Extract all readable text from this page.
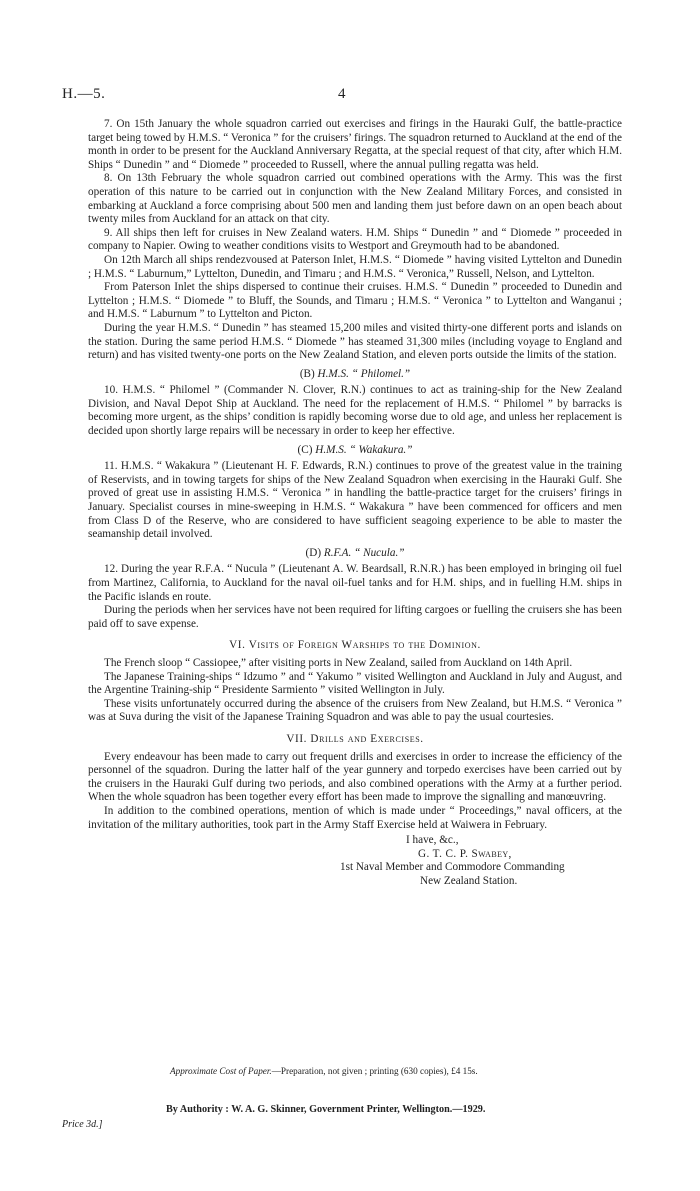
H.—5.	4

7. On 15th January the whole squadron carried out exercises and firings in the Hauraki Gulf, the battle-practice target being towed by H.M.S. “ Veronica ” for the cruisers’ firings. The squadron returned to Auckland at the end of the month in order to be present for the Auckland Anniversary Regatta, at the special request of that city, after which H.M. Ships “ Dunedin ” and “ Diomede ” proceeded to Russell, where the annual pulling regatta was held.

8. On 13th February the whole squadron carried out combined operations with the Army. This was the first operation of this nature to be carried out in conjunction with the New Zealand Military Forces, and consisted in embarking at Auckland a force comprising about 500 men and landing them just before dawn on an open beach about twenty miles from Auckland for an attack on that city.

9. All ships then left for cruises in New Zealand waters. H.M. Ships “ Dunedin ” and “ Diomede ” proceeded in company to Napier. Owing to weather conditions visits to Westport and Greymouth had to be abandoned.

On 12th March all ships rendezvoused at Paterson Inlet, H.M.S. “ Diomede ” having visited Lyttelton and Dunedin ; H.M.S. “ Laburnum,” Lyttelton, Dunedin, and Timaru ; and H.M.S. “ Veronica,” Russell, Nelson, and Lyttelton.

From Paterson Inlet the ships dispersed to continue their cruises. H.M.S. “ Dunedin ” proceeded to Dunedin and Lyttelton ; H.M.S. “ Diomede ” to Bluff, the Sounds, and Timaru ; H.M.S. “ Veronica ” to Lyttelton and Wanganui ; and H.M.S. “ Laburnum ” to Lyttelton and Picton.

During the year H.M.S. “ Dunedin ” has steamed 15,200 miles and visited thirty-one different ports and islands on the station. During the same period H.M.S. “ Diomede ” has steamed 31,300 miles (including voyage to England and return) and has visited twenty-one ports on the New Zealand Station, and eleven ports outside the limits of the station.

(B) H.M.S. “ Philomel.”

10. H.M.S. “ Philomel ” (Commander N. Clover, R.N.) continues to act as training-ship for the New Zealand Division, and Naval Depot Ship at Auckland. The need for the replacement of H.M.S. “ Philomel ” by barracks is becoming more urgent, as the ships’ condition is rapidly becoming worse due to old age, and unless her replacement is decided upon shortly large repairs will be necessary in order to keep her effective.

(C) H.M.S. “ Wakakura.”

11. H.M.S. “ Wakakura ” (Lieutenant H. F. Edwards, R.N.) continues to prove of the greatest value in the training of Reservists, and in towing targets for ships of the New Zealand Squadron when exercising in the Hauraki Gulf. She proved of great use in assisting H.M.S. “ Veronica ” in handling the battle-practice target for the cruisers’ firings in January. Specialist courses in mine-sweeping in H.M.S. “ Wakakura ” have been commenced for officers and men from Class D of the Reserve, who are considered to have sufficient seagoing experience to be able to master the seamanship detail involved.

(D) R.F.A. “ Nucula.”

12. During the year R.F.A. “ Nucula ” (Lieutenant A. W. Beardsall, R.N.R.) has been employed in bringing oil fuel from Martinez, California, to Auckland for the naval oil-fuel tanks and for H.M. ships, and in fuelling H.M. ships in the Pacific islands en route.

During the periods when her services have not been required for lifting cargoes or fuelling the cruisers she has been paid off to save expense.

VI. Visits of Foreign Warships to the Dominion.

The French sloop “ Cassiopee,” after visiting ports in New Zealand, sailed from Auckland on 14th April.

The Japanese Training-ships “ Idzumo ” and “ Yakumo ” visited Wellington and Auckland in July and August, and the Argentine Training-ship “ Presidente Sarmiento ” visited Wellington in July.

These visits unfortunately occurred during the absence of the cruisers from New Zealand, but H.M.S. “ Veronica ” was at Suva during the visit of the Japanese Training Squadron and was able to pay the usual courtesies.

VII. Drills and Exercises.

Every endeavour has been made to carry out frequent drills and exercises in order to increase the efficiency of the personnel of the squadron. During the latter half of the year gunnery and torpedo exercises have been carried out by the cruisers in the Hauraki Gulf during two periods, and also combined operations with the Army at a further period. When the whole squadron has been together every effort has been made to improve the signalling and manœuvring.

In addition to the combined operations, mention of which is made under “ Proceedings,” naval officers, at the invitation of the military authorities, took part in the Army Staff Exercise held at Waiwera in February.

I have, &c.,
G. T. C. P. Swabey,
1st Naval Member and Commodore Commanding
New Zealand Station.
Approximate Cost of Paper.—Preparation, not given ; printing (630 copies), £4 15s.
By Authority : W. A. G. Skinner, Government Printer, Wellington.—1929.
Price 3d.]
